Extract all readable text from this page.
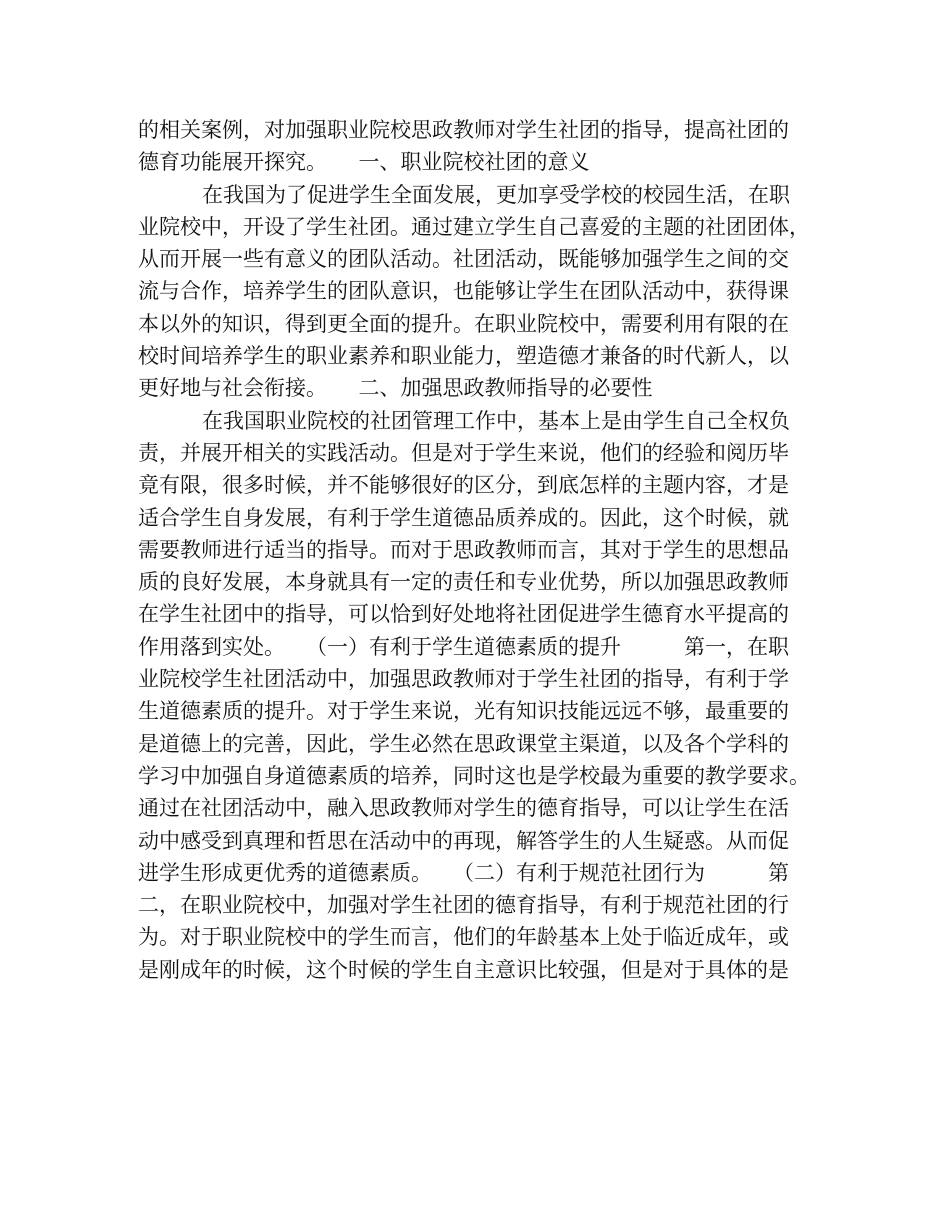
的相关案例，对加强职业院校思政教师对学生社团的指导，提高社团的
德育功能展开探究。　　一、职业院校社团的意义
在我国为了促进学生全面发展，更加享受学校的校园生活，在职
业院校中，开设了学生社团。通过建立学生自己喜爱的主题的社团团体，
从而开展一些有意义的团队活动。社团活动，既能够加强学生之间的交
流与合作，培养学生的团队意识，也能够让学生在团队活动中，获得课
本以外的知识，得到更全面的提升。在职业院校中，需要利用有限的在
校时间培养学生的职业素养和职业能力，塑造德才兼备的时代新人，以
更好地与社会衔接。　　二、加强思政教师指导的必要性
在我国职业院校的社团管理工作中，基本上是由学生自己全权负
责，并展开相关的实践活动。但是对于学生来说，他们的经验和阅历毕
竟有限，很多时候，并不能够很好的区分，到底怎样的主题内容，才是
适合学生自身发展，有利于学生道德品质养成的。因此，这个时候，就
需要教师进行适当的指导。而对于思政教师而言，其对于学生的思想品
质的良好发展，本身就具有一定的责任和专业优势，所以加强思政教师
在学生社团中的指导，可以恰到好处地将社团促进学生德育水平提高的
作用落到实处。　　（一）有利于学生道德素质的提升　　　第一，在职
业院校学生社团活动中，加强思政教师对于学生社团的指导，有利于学
生道德素质的提升。对于学生来说，光有知识技能远远不够，最重要的
是道德上的完善，因此，学生必然在思政课堂主渠道，以及各个学科的
学习中加强自身道德素质的培养，同时这也是学校最为重要的教学要求。
通过在社团活动中，融入思政教师对学生的德育指导，可以让学生在活
动中感受到真理和哲思在活动中的再现，解答学生的人生疑惑。从而促
进学生形成更优秀的道德素质。　　（二）有利于规范社团行为　　　第
二，在职业院校中，加强对学生社团的德育指导，有利于规范社团的行
为。对于职业院校中的学生而言，他们的年龄基本上处于临近成年，或
是刚成年的时候，这个时候的学生自主意识比较强，但是对于具体的是
